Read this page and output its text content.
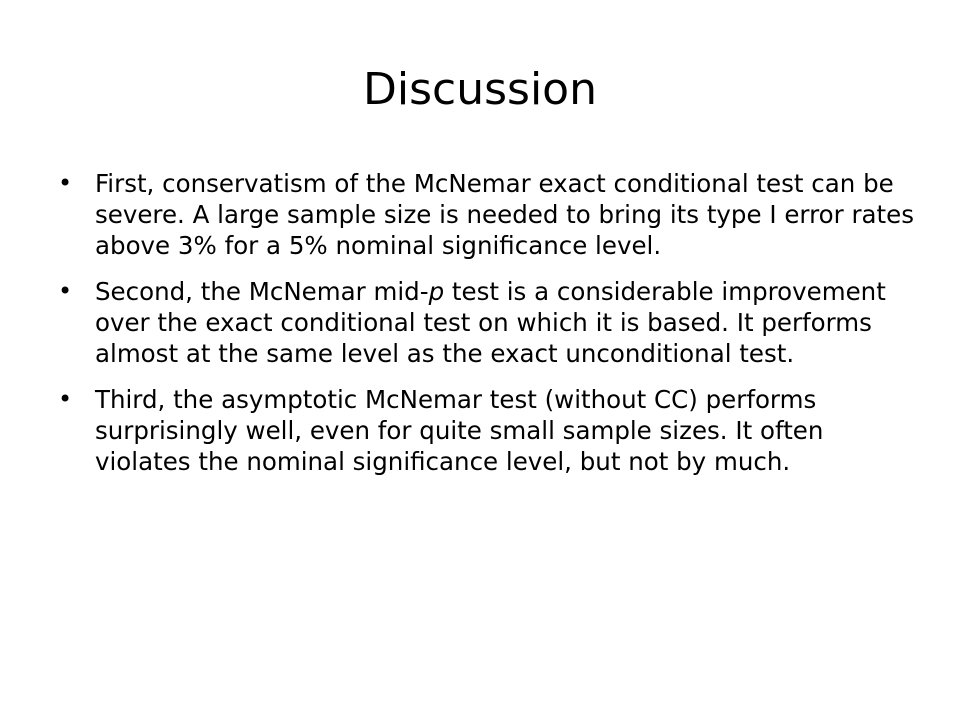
Discussion
• First, conservatism of the McNemar exact conditional test can be severe. A large sample size is needed to bring its type I error rates above 3% for a 5% nominal significance level.
• Second, the McNemar mid-p test is a considerable improvement over the exact conditional test on which it is based. It performs almost at the same level as the exact unconditional test.
• Third, the asymptotic McNemar test (without CC) performs surprisingly well, even for quite small sample sizes. It often violates the nominal significance level, but not by much.
